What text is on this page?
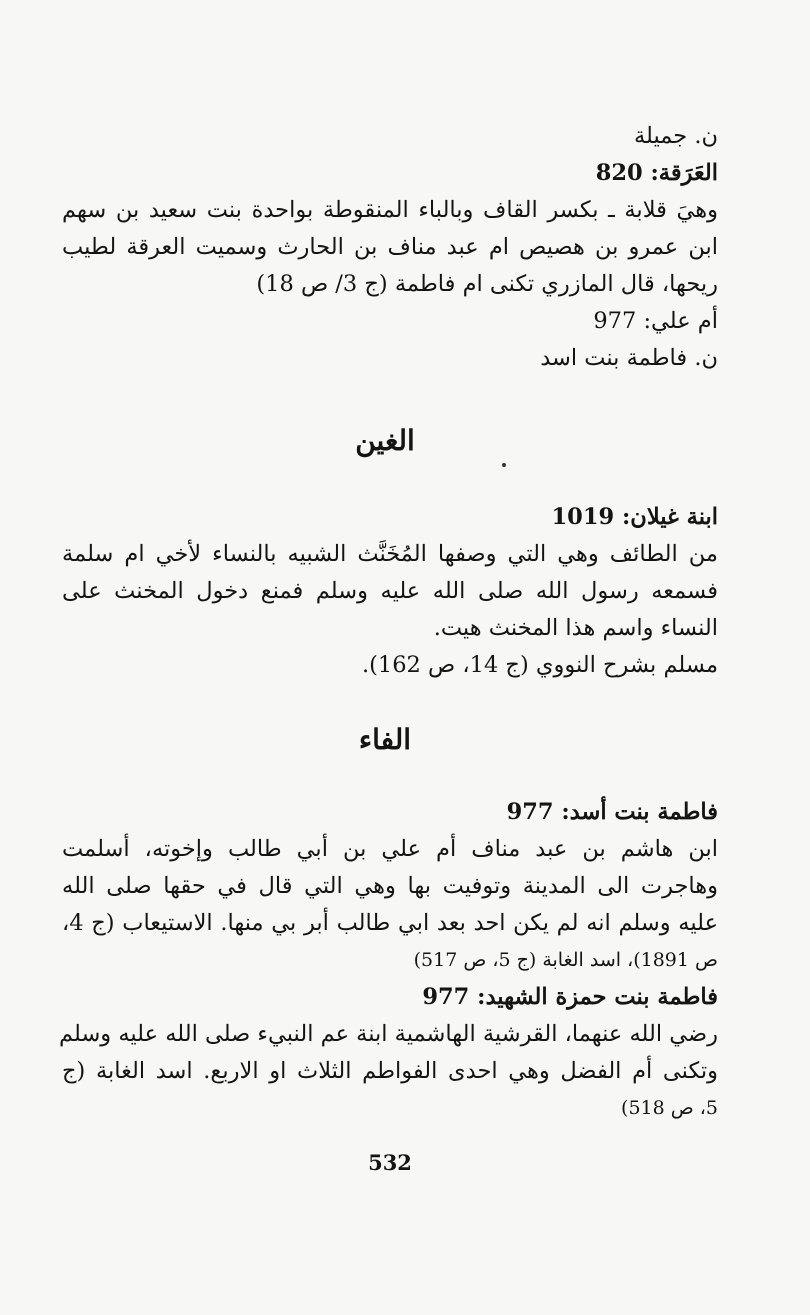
ن. جميلة
العَرَقة: 820
وهيَ قلابة ـ بكسر القاف وبالباء المنقوطة بواحدة بنت سعيد بن سهم
ابن عمرو بن هصيص ام عبد مناف بن الحارث وسميت العرقة لطيب
ريحها، قال المازري تكنى ام فاطمة (ج 3/ ص 18)
أم علي: 977
ن. فاطمة بنت اسد
الغين
ابنة غيلان: 1019
من الطائف وهي التي وصفها المُخَنَّث الشبيه بالنساء لأخي ام سلمة
فسمعه رسول الله صلى الله عليه وسلم فمنع دخول المخنث على
النساء واسم هذا المخنث هيت.
مسلم بشرح النووي (ج 14، ص 162).
الفاء
فاطمة بنت أسد: 977
ابن هاشم بن عبد مناف أم علي بن أبي طالب وإخوته، أسلمت
وهاجرت الى المدينة وتوفيت بها وهي التي قال في حقها صلى الله
عليه وسلم انه لم يكن احد بعد ابي طالب أبر بي منها. الاستيعاب (ج 4،
ص 1891)، اسد الغابة (ج 5، ص 517)
فاطمة بنت حمزة الشهيد: 977
رضي الله عنهما، القرشية الهاشمية ابنة عم النبيء صلى الله عليه وسلم
وتكنى أم الفضل وهي احدى الفواطم الثلاث او الاربع. اسد الغابة (ج
5، ص 518)
532
